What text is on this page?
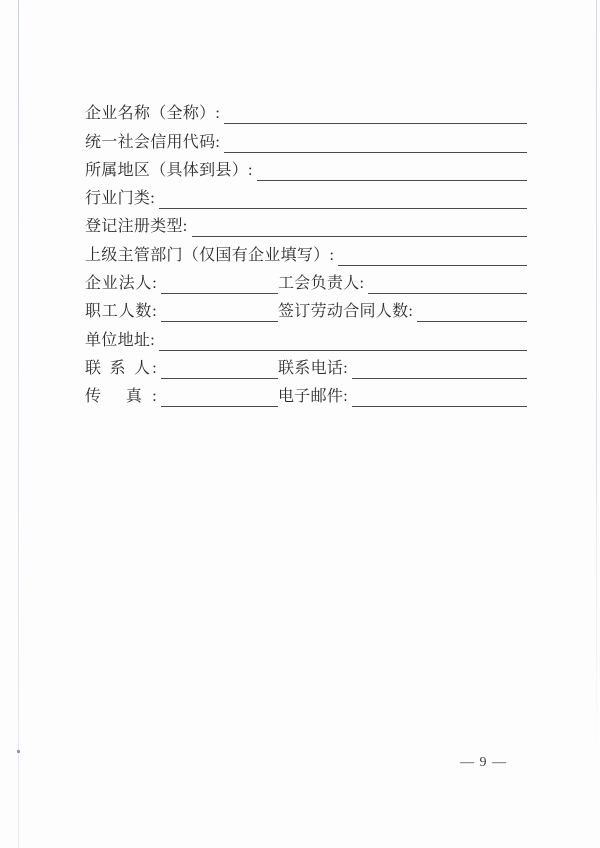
企业名称（全称）:
统一社会信用代码:
所属地区（具体到县）:
行业门类:
登记注册类型:
上级主管部门（仅国有企业填写）:
企业法人:	工会负责人:
职工人数:	签订劳动合同人数:
单位地址:
联 系 人:	联系电话:
传 真:	电子邮件:
— 9 —
